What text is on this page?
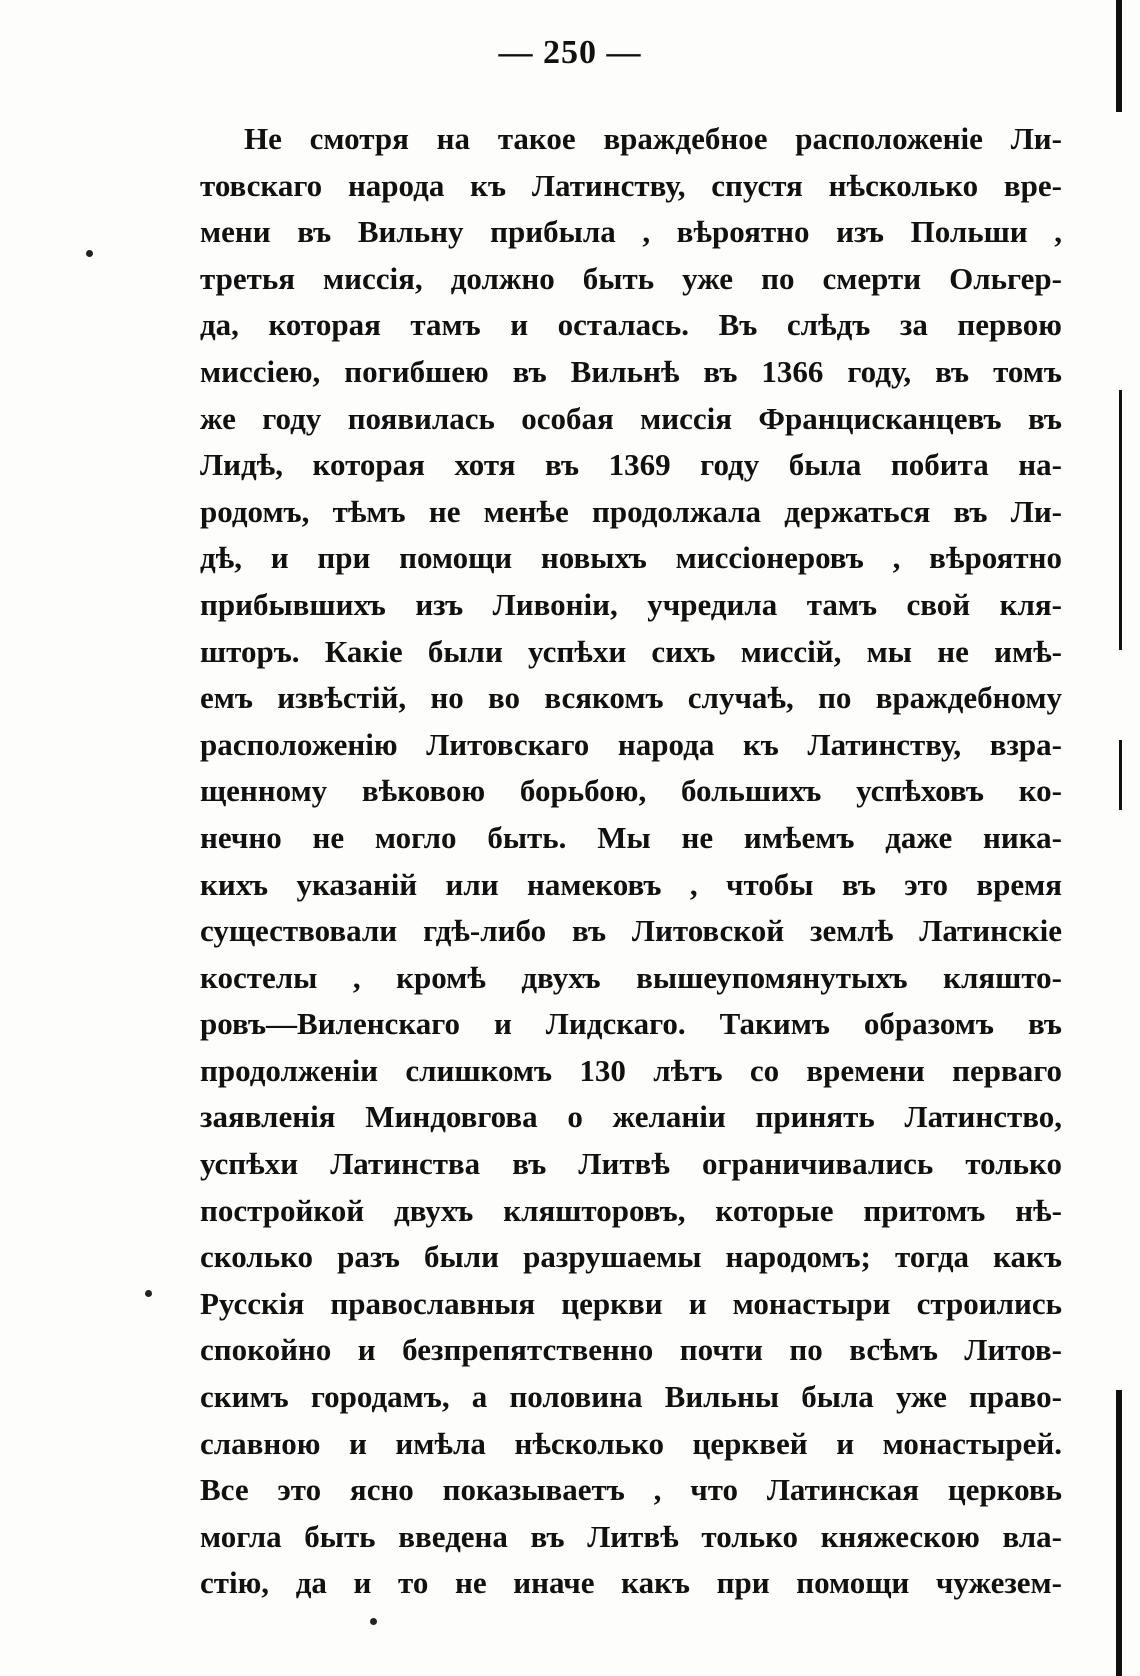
— 250 —
Не смотря на такое враждебное расположенiе Ли-
товскаго народа къ Латинству, спустя нѣсколько вре-
мени въ Вильну прибыла , вѣроятно изъ Польши ,
третья миссiя, должно быть уже по смерти Ольгер-
да, которая тамъ и осталась. Въ слѣдъ за первою
миссiею, погибшею въ Вильнѣ въ 1366 году, въ томъ
же году появилась особая миссiя Францисканцевъ въ
Лидѣ, которая хотя въ 1369 году была побита на-
родомъ, тѣмъ не менѣе продолжала держаться въ Ли-
дѣ, и при помощи новыхъ миссiонеровъ , вѣроятно
прибывшихъ изъ Ливонiи, учредила тамъ свой кля-
шторъ. Какiе были успѣхи сихъ миссiй, мы не имѣ-
емъ извѣстiй, но во всякомъ случаѣ, по враждебному
расположенiю Литовскаго народа къ Латинству, взра-
щенному вѣковою борьбою, большихъ успѣховъ ко-
нечно не могло быть. Мы не имѣемъ даже ника-
кихъ указанiй или намековъ , чтобы въ это время
существовали гдѣ-либо въ Литовской землѣ Латинскiе
костелы , кромѣ двухъ вышеупомянутыхъ кляшто-
ровъ—Виленскаго и Лидскаго. Такимъ образомъ въ
продолженiи слишкомъ 130 лѣтъ со времени перваго
заявленiя Миндовгова о желанiи принять Латинство,
успѣхи Латинства въ Литвѣ ограничивались только
постройкой двухъ кляшторовъ, которые притомъ нѣ-
сколько разъ были разрушаемы народомъ; тогда какъ
Русскiя православныя церкви и монастыри строились
спокойно и безпрепятственно почти по всѣмъ Литов-
скимъ городамъ, а половина Вильны была уже право-
славною и имѣла нѣсколько церквей и монастырей.
Все это ясно показываетъ , что Латинская церковь
могла быть введена въ Литвѣ только княжескою вла-
стiю, да и то не иначе какъ при помощи чужезем-
